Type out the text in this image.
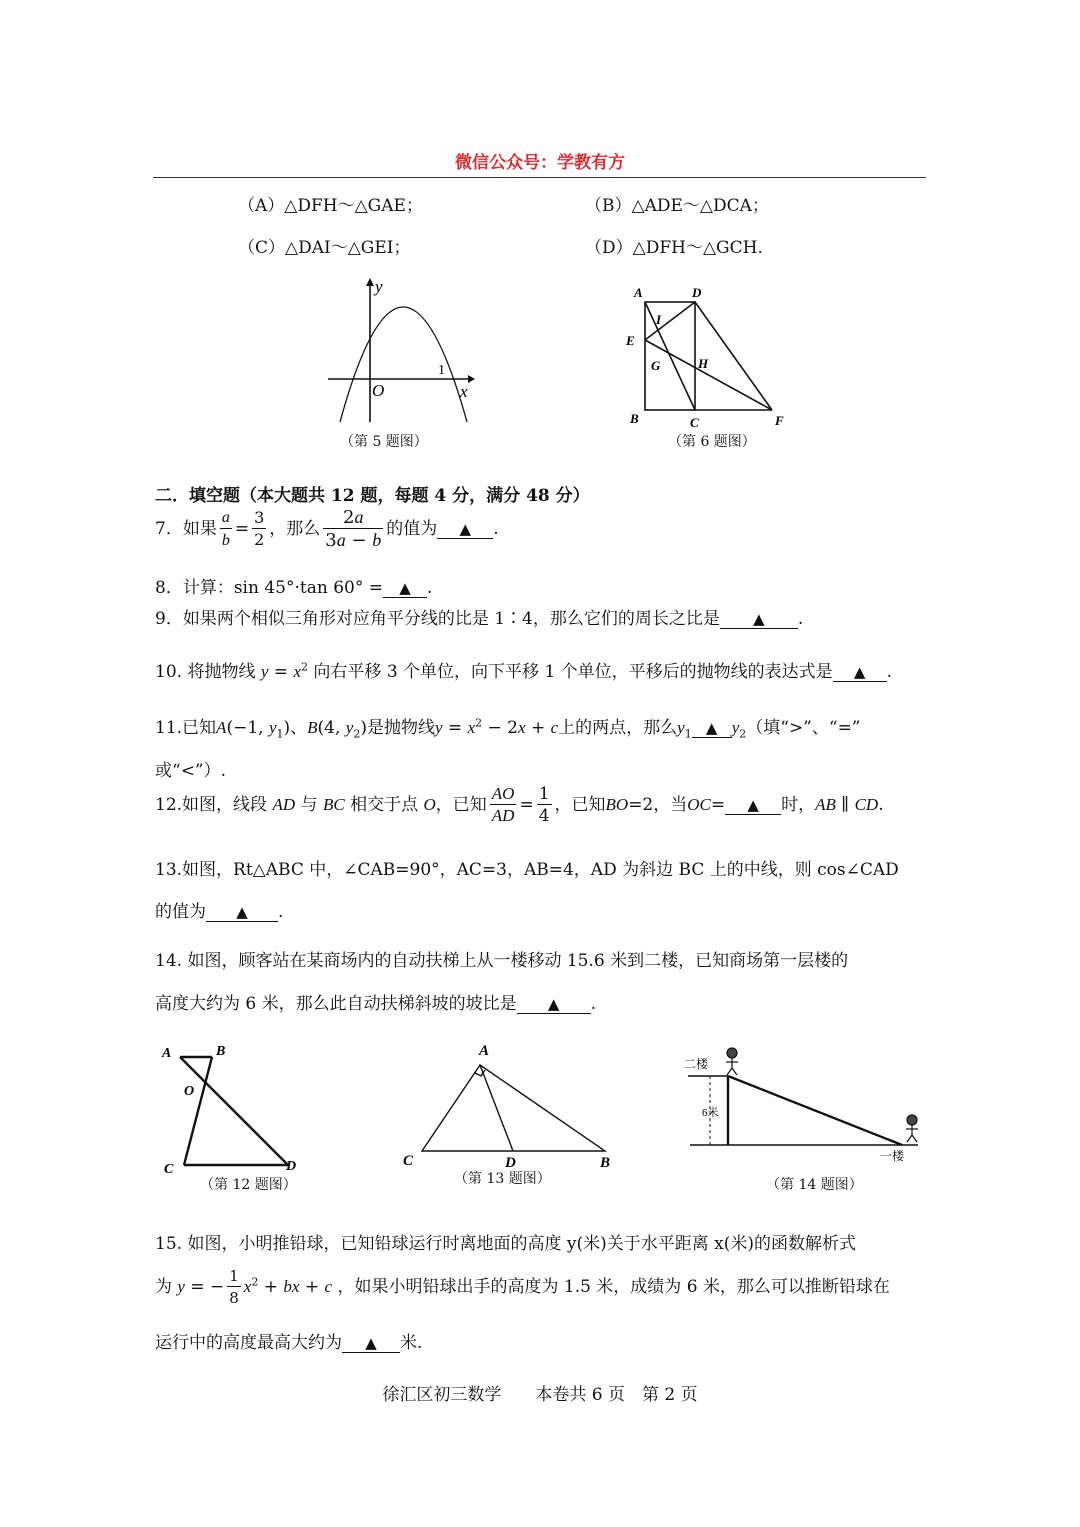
微信公众号：学教有方
（A）△DFH～△GAE；	（B）△ADE～△DCA；
（C）△DAI～△GEI；	（D）△DFH～△GCH.
y
x
O
1
（第 5 题图）
A	D
I
E
G	H
B	C	F
（第 6 题图）
二．填空题（本大题共 12 题，每题 4 分，满分 48 分）
7．如果 $\frac{a}{b} = \frac{3}{2}$ ，那么 $\frac{2a}{3a - b}$ 的值为 ▲ .
8．计算：sin 45°·tan 60° = ▲ .
9．如果两个相似三角形对应角平分线的比是 1∶4，那么它们的周长之比是 ▲ .
10. 将抛物线 $y = x^2$ 向右平移 3 个单位，向下平移 1 个单位，平移后的抛物线的表达式是 ▲ .
11.已知A(−1, $y_1$)、B(4, $y_2$)是抛物线$y = x^2 - 2x + c$上的两点，那么$y_1$ ▲ $y_2$（填“>”、“=”
或“<”）.
12.如图，线段 AD 与 BC 相交于点 O，已知 $\frac{AO}{AD} = \frac{1}{4}$ ，已知BO=2，当OC= ▲ 时，AB ∥ CD.
13.如图，Rt△ABC 中，∠CAB=90°，AC=3，AB=4，AD 为斜边 BC 上的中线，则 cos∠CAD
的值为 ▲ .
14. 如图，顾客站在某商场内的自动扶梯上从一楼移动 15.6 米到二楼，已知商场第一层楼的
高度大约为 6 米，那么此自动扶梯斜坡的坡比是 ▲ .
A	B
O
C	D
（第 12 题图）
A
C	D	B
（第 13 题图）
二楼
6米
一楼
（第 14 题图）
15. 如图，小明推铅球，已知铅球运行时离地面的高度 y(米)关于水平距离 x(米)的函数解析式
为 y = − $\frac{1}{8} x^2$ + bx + c ，如果小明铅球出手的高度为 1.5 米，成绩为 6 米，那么可以推断铅球在
运行中的高度最高大约为 ▲ 米.
徐汇区初三数学　　本卷共 6 页　第 2 页
